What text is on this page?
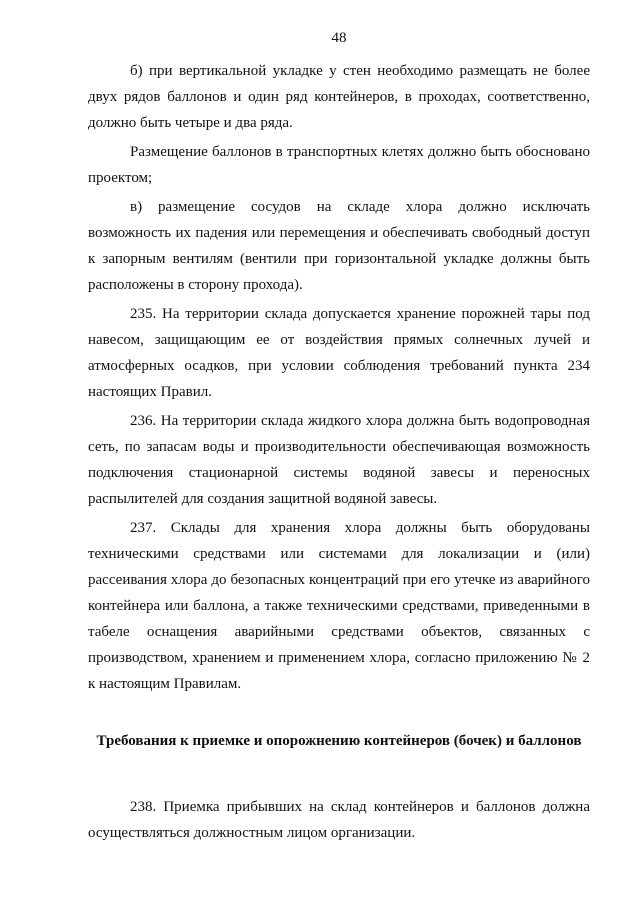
48

б) при вертикальной укладке у стен необходимо размещать не более двух рядов баллонов и один ряд контейнеров, в проходах, соответственно, должно быть четыре и два ряда.

Размещение баллонов в транспортных клетях должно быть обосновано проектом;

в) размещение сосудов на складе хлора должно исключать возможность их падения или перемещения и обеспечивать свободный доступ к запорным вентилям (вентили при горизонтальной укладке должны быть расположены в сторону прохода).

235. На территории склада допускается хранение порожней тары под навесом, защищающим ее от воздействия прямых солнечных лучей и атмосферных осадков, при условии соблюдения требований пункта 234 настоящих Правил.

236. На территории склада жидкого хлора должна быть водопроводная сеть, по запасам воды и производительности обеспечивающая возможность подключения стационарной системы водяной завесы и переносных распылителей для создания защитной водяной завесы.

237. Склады для хранения хлора должны быть оборудованы техническими средствами или системами для локализации и (или) рассеивания хлора до безопасных концентраций при его утечке из аварийного контейнера или баллона, а также техническими средствами, приведенными в табеле оснащения аварийными средствами объектов, связанных с производством, хранением и применением хлора, согласно приложению № 2 к настоящим Правилам.

Требования к приемке и опорожнению контейнеров (бочек) и баллонов

238. Приемка прибывших на склад контейнеров и баллонов должна осуществляться должностным лицом организации.
